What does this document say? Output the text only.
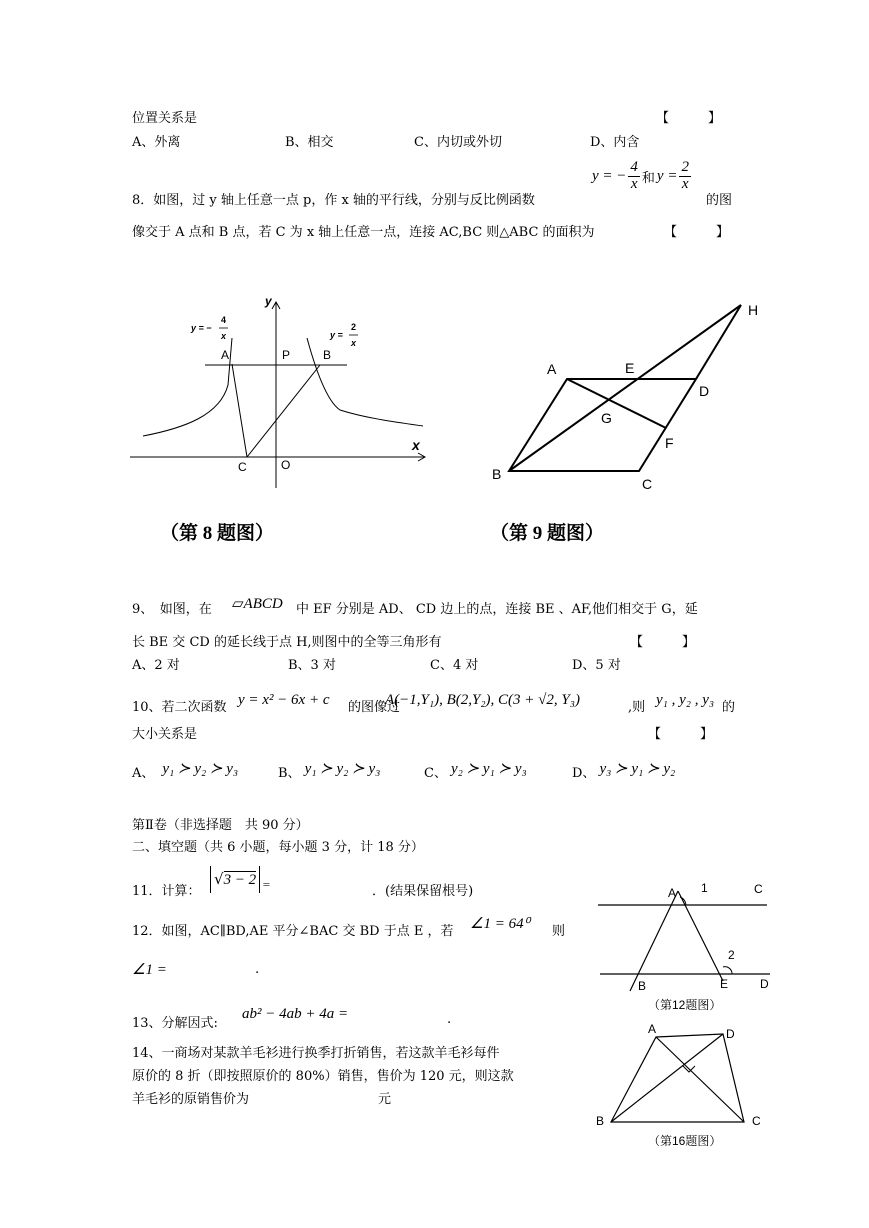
位置关系是	【　　　】
A、外离	B、相交	C、内切或外切	D、内含
8．如图，过 y 轴上任意一点 p，作 x 轴的平行线，分别与反比例函数
y = − $\frac{4}{x}$ 和 $y = \frac{2}{x}$
的图
像交于 A 点和 B 点，若 C 为 x 轴上任意一点，连接 AC,BC 则△ABC 的面积为	【　　　】
y = −
4
x	y =
2
x
y
x
A	P	B
C	O
（第 8 题图）
A	E
D
G
F
B
C
H
（第 9 题图）
9、　如图，在 ▱ABCD 中 EF 分别是 AD、 CD 边上的点，连接 BE 、AF,他们相交于 G，延
长 BE 交 CD 的延长线于点 H,则图中的全等三角形有	【　　　】
A、2 对	B、3 对	C、4 对	D、5 对
10、若二次函数 y = x² − 6x + c 的图像过
A(−1,Y₁), B(2,Y₂), C(3 + √2, Y₃)	,则 y₁ , y₂ , y₃ 的
大小关系是	【　　　】
A、 y₁ ≻ y₂ ≻ y₃	B、 y₁ ≻ y₂ ≻ y₃	C、 y₂ ≻ y₁ ≻ y₃	D、 y₃ ≻ y₁ ≻ y₂
第Ⅱ卷（非选择题　共 90 分）
二、填空题（共 6 小题，每小题 3 分，计 18 分）
11．计算：
√3 − 2 =	．(结果保留根号)
12．如图，AC∥BD,AE 平分∠BAC 交 BD 于点 E ，若 ∠1 = 64⁰ 则
∠1 =	.
13、分解因式:
ab² − 4ab + 4a =	.
14、一商场对某款羊毛衫进行换季打折销售，若这款羊毛衫每件
原价的 8 折（即按照原价的 80%）销售，售价为 120 元，则这款
羊毛衫的原销售价为	元
A 1	C
2
B	E	D
（第12题图）
A	D
B	C
（第16题图）
